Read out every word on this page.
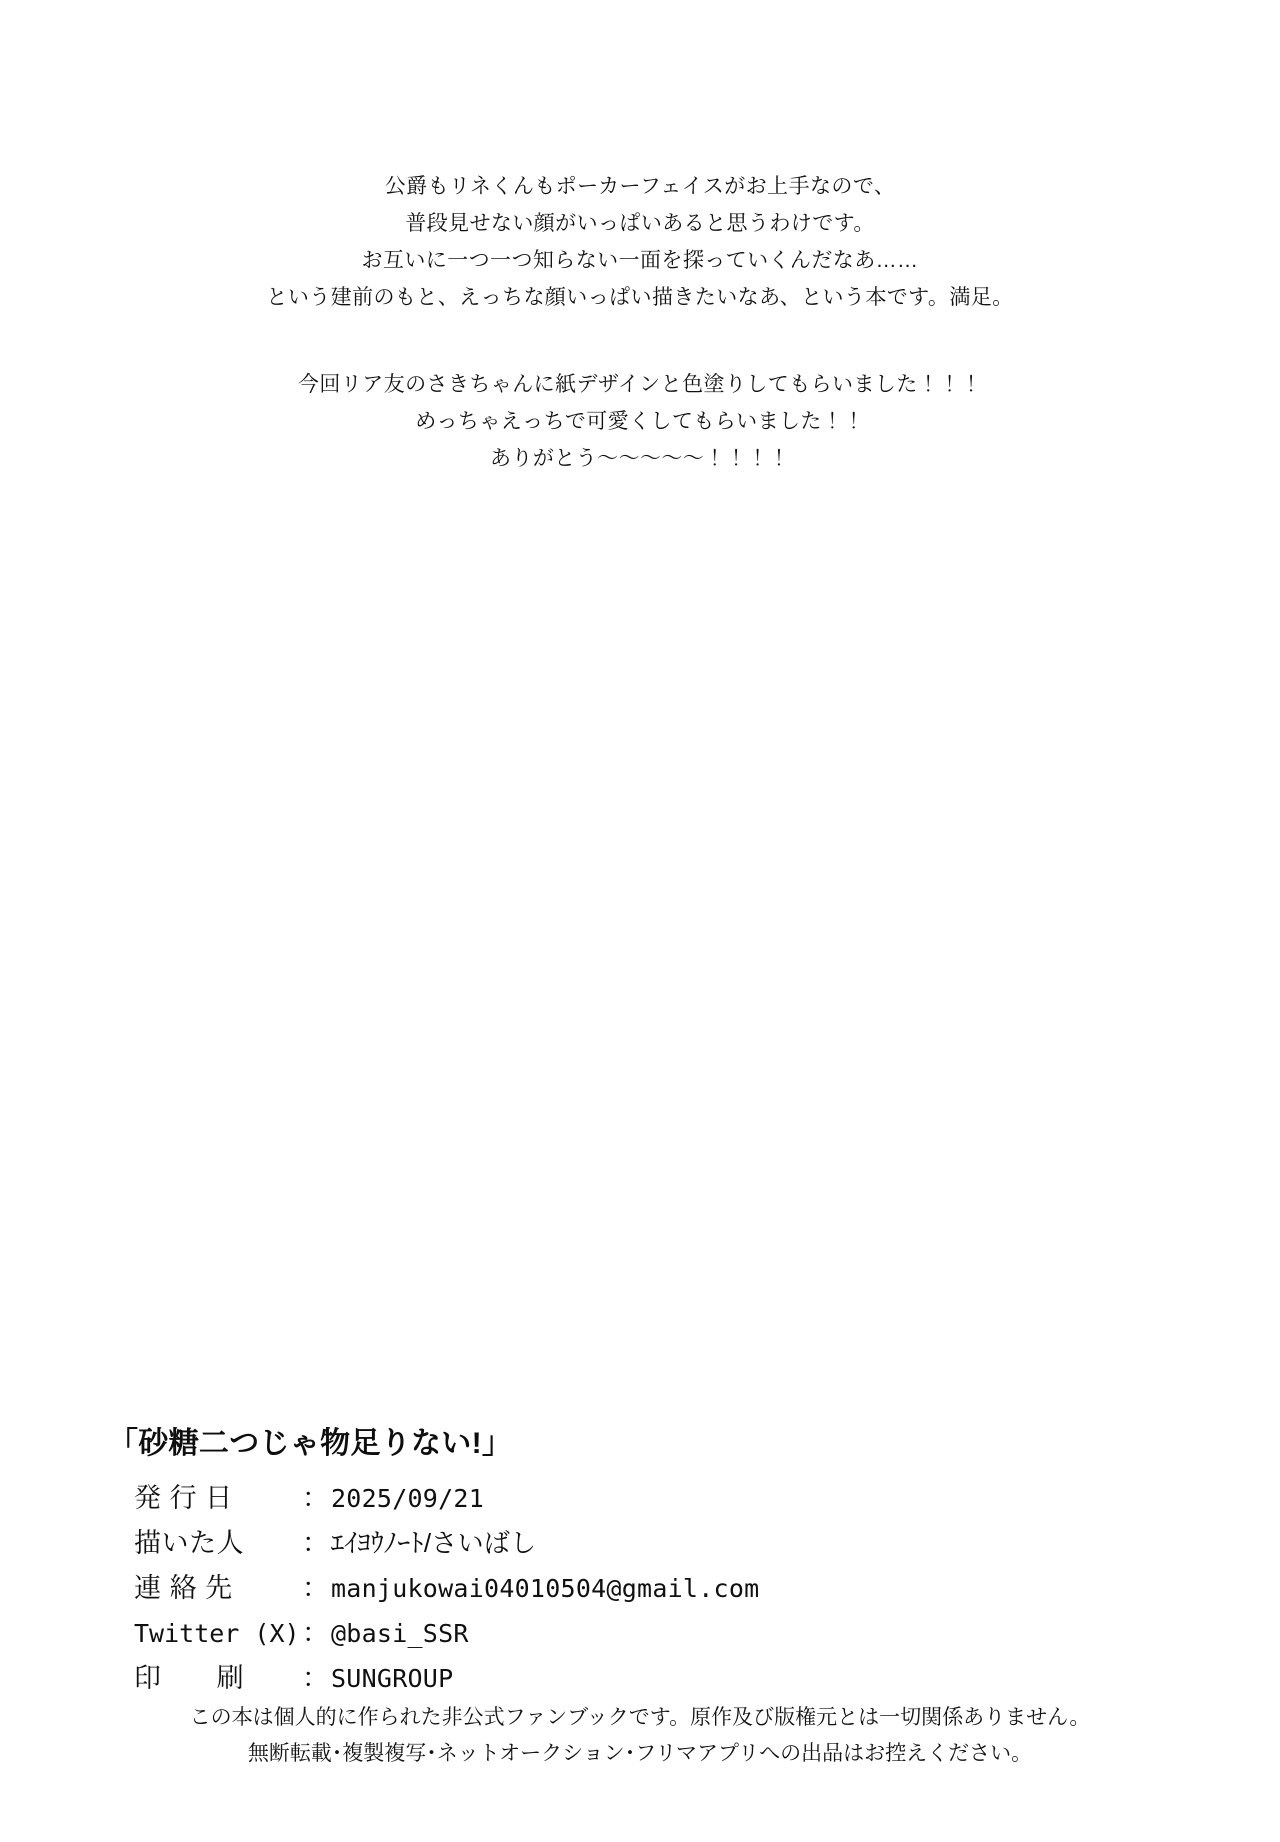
公爵もリネくんもポーカーフェイスがお上手なので、

普段見せない顔がいっぱいあると思うわけです。

お互いに一つ一つ知らない一面を探っていくんだなあ……

という建前のもと、えっちな顔いっぱい描きたいなあ、という本です。満足。

今回リア友のさきちゃんに紙デザインと色塗りしてもらいました！！！

めっちゃえっちで可愛くしてもらいました！！

ありがとう〜〜〜〜〜！！！！

「砂糖二つじゃ物足りない!」
発 行 日	： 2025/09/21
描いた人	： ｴｲﾖｳﾉｰﾄ/さいばし
連 絡 先	： manjukowai04010504@gmail.com
Twitter (X) ： @basi_SSR
印　　刷	： SUNGROUP

この本は個人的に作られた非公式ファンブックです。原作及び版権元とは一切関係ありません。

無断転載･複製複写･ネットオークション･フリマアプリへの出品はお控えください。
